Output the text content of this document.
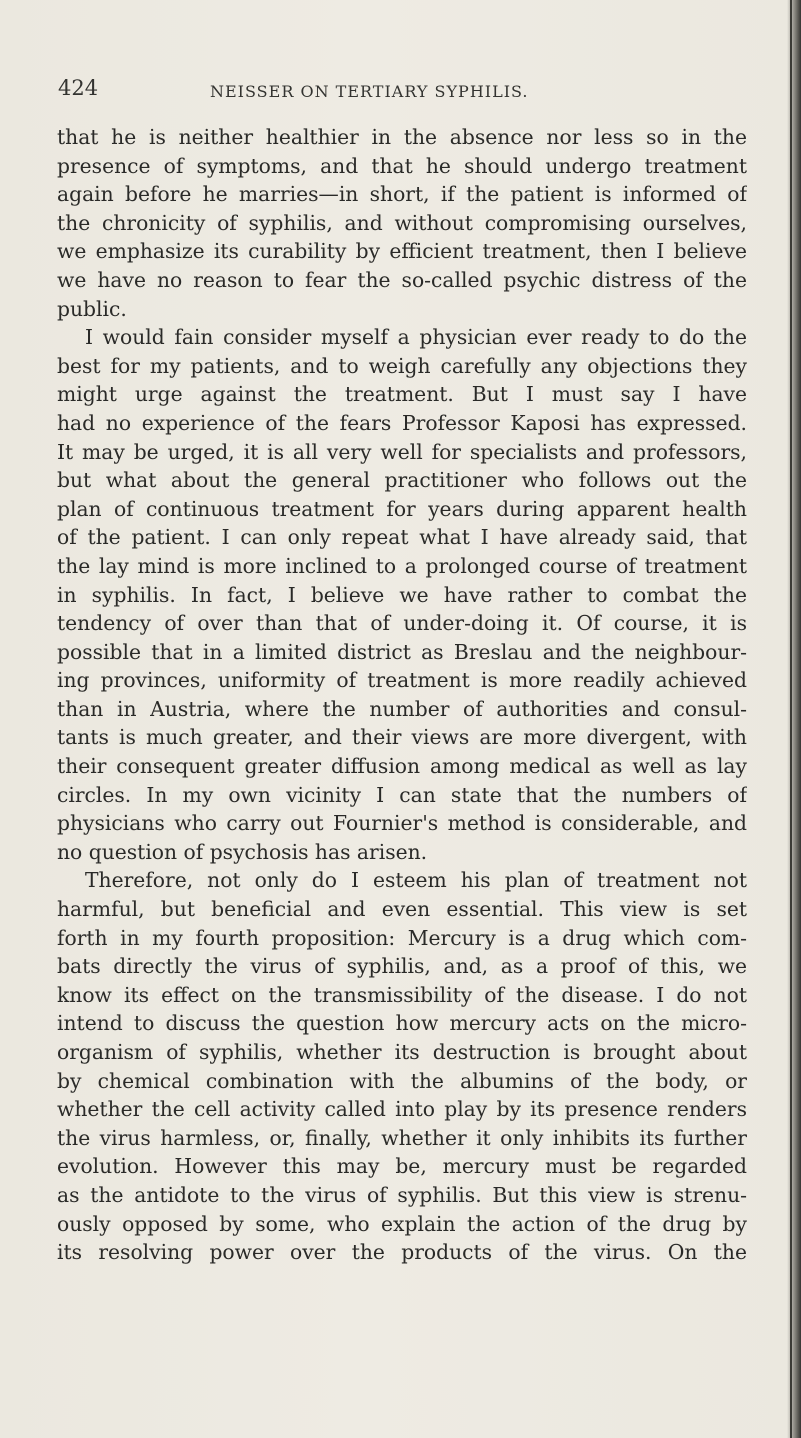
424	NEISSER ON TERTIARY SYPHILIS.
that he is neither healthier in the absence nor less so in the
presence of symptoms, and that he should undergo treatment
again before he marries—in short, if the patient is informed of
the chronicity of syphilis, and without compromising ourselves,
we emphasize its curability by efficient treatment, then I believe
we have no reason to fear the so-called psychic distress of the
public.
I would fain consider myself a physician ever ready to do the
best for my patients, and to weigh carefully any objections they
might urge against the treatment. But I must say I have
had no experience of the fears Professor Kaposi has expressed.
It may be urged, it is all very well for specialists and professors,
but what about the general practitioner who follows out the
plan of continuous treatment for years during apparent health
of the patient. I can only repeat what I have already said, that
the lay mind is more inclined to a prolonged course of treatment
in syphilis. In fact, I believe we have rather to combat the
tendency of over than that of under-doing it. Of course, it is
possible that in a limited district as Breslau and the neighbour-
ing provinces, uniformity of treatment is more readily achieved
than in Austria, where the number of authorities and consul-
tants is much greater, and their views are more divergent, with
their consequent greater diffusion among medical as well as lay
circles. In my own vicinity I can state that the numbers of
physicians who carry out Fournier's method is considerable, and
no question of psychosis has arisen.
Therefore, not only do I esteem his plan of treatment not
harmful, but beneficial and even essential. This view is set
forth in my fourth proposition: Mercury is a drug which com-
bats directly the virus of syphilis, and, as a proof of this, we
know its effect on the transmissibility of the disease. I do not
intend to discuss the question how mercury acts on the micro-
organism of syphilis, whether its destruction is brought about
by chemical combination with the albumins of the body, or
whether the cell activity called into play by its presence renders
the virus harmless, or, finally, whether it only inhibits its further
evolution. However this may be, mercury must be regarded
as the antidote to the virus of syphilis. But this view is strenu-
ously opposed by some, who explain the action of the drug by
its resolving power over the products of the virus. On the
